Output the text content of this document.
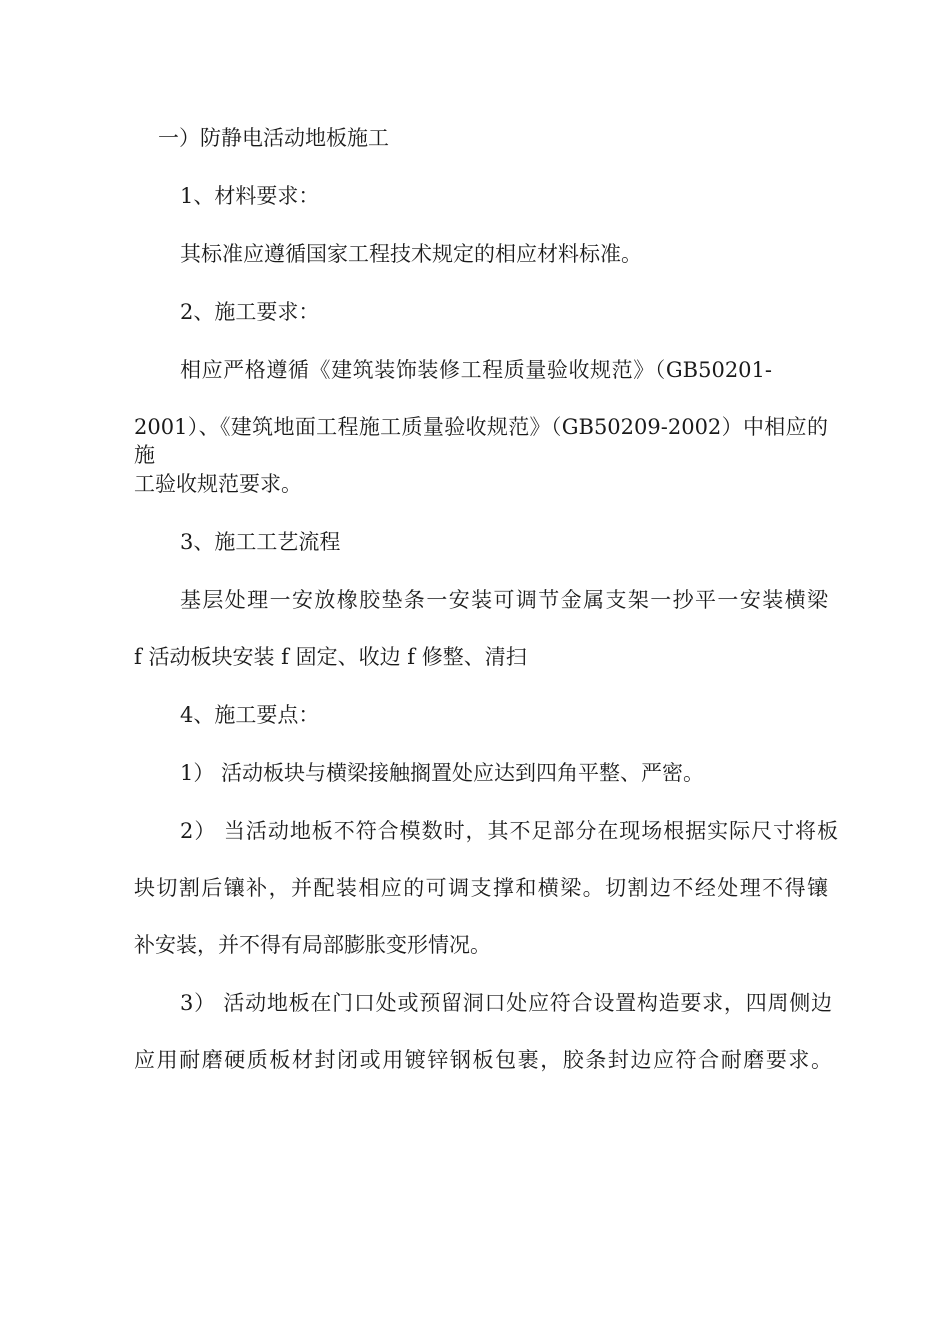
一）防静电活动地板施工
1、材料要求：
其标准应遵循国家工程技术规定的相应材料标准。
2、施工要求：
相应严格遵循《建筑装饰装修工程质量验收规范》（GB50201-
2001）、《建筑地面工程施工质量验收规范》（GB50209-2002）中相应的施
工验收规范要求。
3、施工工艺流程
基层处理一安放橡胶垫条一安装可调节金属支架一抄平一安装横梁
f 活动板块安装 f 固定、收边 f 修整、清扫
4、施工要点：
1） 活动板块与横梁接触搁置处应达到四角平整、严密。
2） 当活动地板不符合模数时，其不足部分在现场根据实际尺寸将板
块切割后镶补，并配装相应的可调支撑和横梁。切割边不经处理不得镶
补安装，并不得有局部膨胀变形情况。
3） 活动地板在门口处或预留洞口处应符合设置构造要求，四周侧边
应用耐磨硬质板材封闭或用镀锌钢板包裹，胶条封边应符合耐磨要求。
